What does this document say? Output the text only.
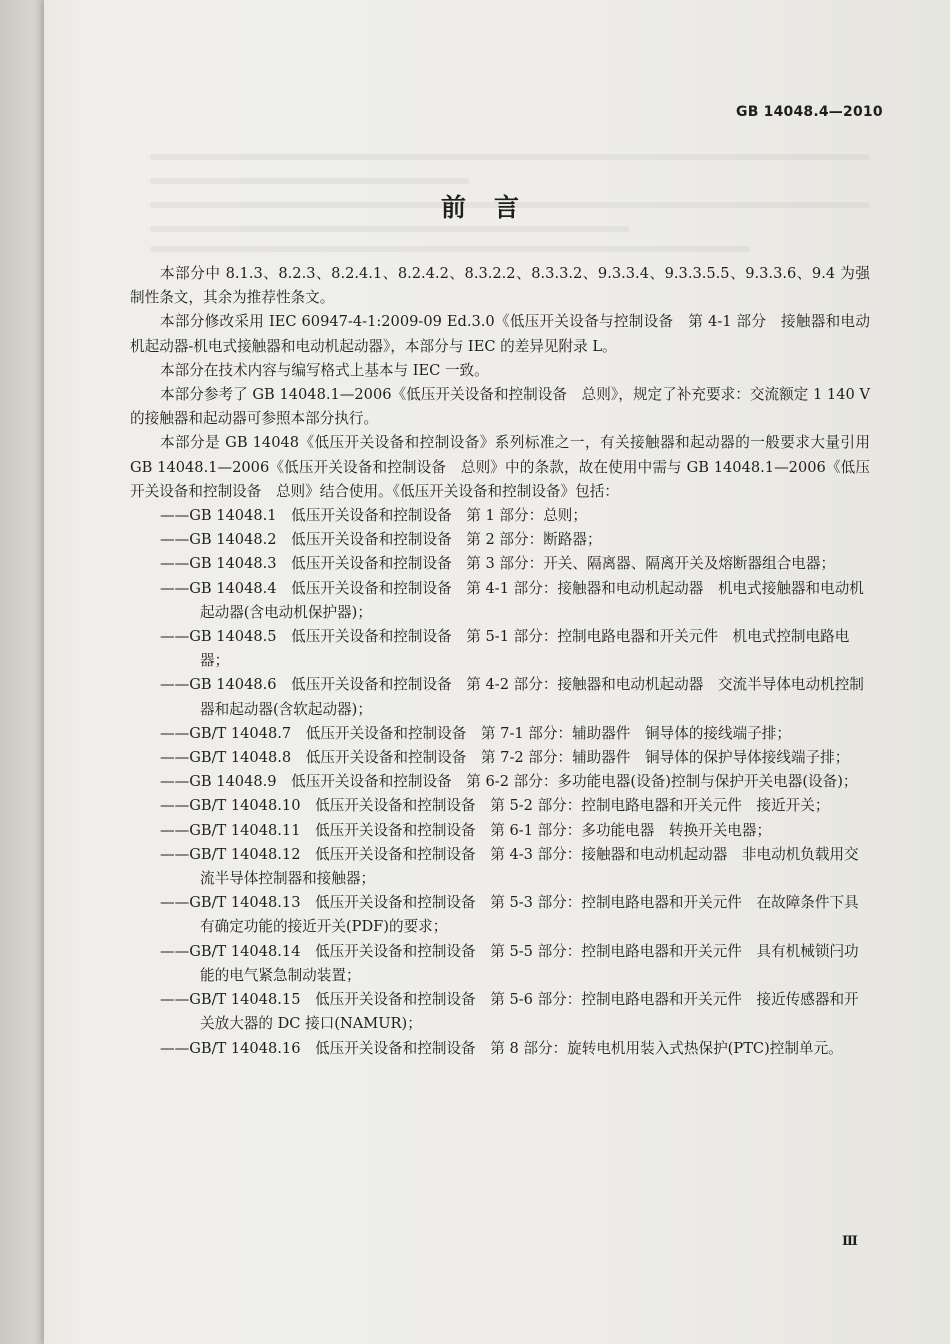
GB 14048.4—2010
前言

本部分中 8.1.3、8.2.3、8.2.4.1、8.2.4.2、8.3.2.2、8.3.3.2、9.3.3.4、9.3.3.5.5、9.3.3.6、9.4 为强制性条文，其余为推荐性条文。

本部分修改采用 IEC 60947-4-1:2009-09 Ed.3.0《低压开关设备与控制设备　第 4-1 部分　接触器和电动机起动器-机电式接触器和电动机起动器》，本部分与 IEC 的差异见附录 L。

本部分在技术内容与编写格式上基本与 IEC 一致。

本部分参考了 GB 14048.1—2006《低压开关设备和控制设备　总则》，规定了补充要求：交流额定 1 140 V 的接触器和起动器可参照本部分执行。

本部分是 GB 14048《低压开关设备和控制设备》系列标准之一，有关接触器和起动器的一般要求大量引用 GB 14048.1—2006《低压开关设备和控制设备　总则》中的条款，故在使用中需与 GB 14048.1—2006《低压开关设备和控制设备　总则》结合使用。《低压开关设备和控制设备》包括：

——GB 14048.1　低压开关设备和控制设备　第 1 部分：总则；

——GB 14048.2　低压开关设备和控制设备　第 2 部分：断路器；

——GB 14048.3　低压开关设备和控制设备　第 3 部分：开关、隔离器、隔离开关及熔断器组合电器；

——GB 14048.4　低压开关设备和控制设备　第 4-1 部分：接触器和电动机起动器　机电式接触器和电动机起动器(含电动机保护器)；

——GB 14048.5　低压开关设备和控制设备　第 5-1 部分：控制电路电器和开关元件　机电式控制电路电器；

——GB 14048.6　低压开关设备和控制设备　第 4-2 部分：接触器和电动机起动器　交流半导体电动机控制器和起动器(含软起动器)；

——GB/T 14048.7　低压开关设备和控制设备　第 7-1 部分：辅助器件　铜导体的接线端子排；

——GB/T 14048.8　低压开关设备和控制设备　第 7-2 部分：辅助器件　铜导体的保护导体接线端子排；

——GB 14048.9　低压开关设备和控制设备　第 6-2 部分：多功能电器(设备)控制与保护开关电器(设备)；

——GB/T 14048.10　低压开关设备和控制设备　第 5-2 部分：控制电路电器和开关元件　接近开关；

——GB/T 14048.11　低压开关设备和控制设备　第 6-1 部分：多功能电器　转换开关电器；

——GB/T 14048.12　低压开关设备和控制设备　第 4-3 部分：接触器和电动机起动器　非电动机负载用交流半导体控制器和接触器；

——GB/T 14048.13　低压开关设备和控制设备　第 5-3 部分：控制电路电器和开关元件　在故障条件下具有确定功能的接近开关(PDF)的要求；

——GB/T 14048.14　低压开关设备和控制设备　第 5-5 部分：控制电路电器和开关元件　具有机械锁闩功能的电气紧急制动装置；

——GB/T 14048.15　低压开关设备和控制设备　第 5-6 部分：控制电路电器和开关元件　接近传感器和开关放大器的 DC 接口(NAMUR)；

——GB/T 14048.16　低压开关设备和控制设备　第 8 部分：旋转电机用装入式热保护(PTC)控制单元。

Ⅲ
